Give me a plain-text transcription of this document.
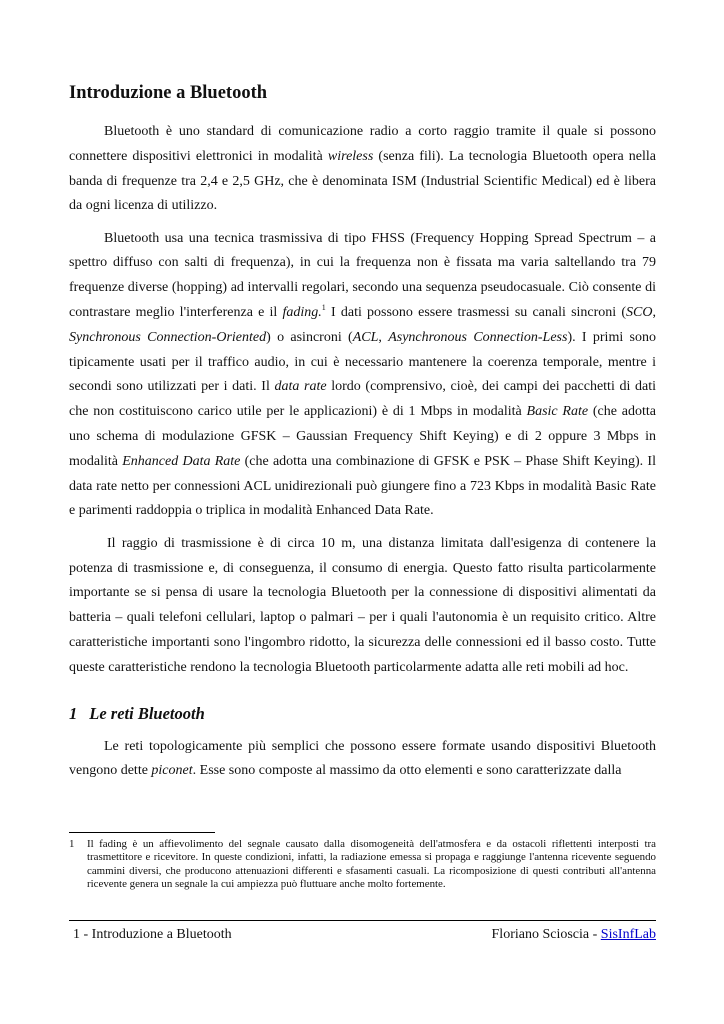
Introduzione a Bluetooth

Bluetooth è uno standard di comunicazione radio a corto raggio tramite il quale si possono connettere dispositivi elettronici in modalità wireless (senza fili). La tecnologia Bluetooth opera nella banda di frequenze tra 2,4 e 2,5 GHz, che è denominata ISM (Industrial Scientific Medical) ed è libera da ogni licenza di utilizzo.

Bluetooth usa una tecnica trasmissiva di tipo FHSS (Frequency Hopping Spread Spectrum – a spettro diffuso con salti di frequenza), in cui la frequenza non è fissata ma varia saltellando tra 79 frequenze diverse (hopping) ad intervalli regolari, secondo una sequenza pseudocasuale. Ciò consente di contrastare meglio l'interferenza e il fading.$^1$ I dati possono essere trasmessi su canali sincroni (SCO, Synchronous Connection-Oriented) o asincroni (ACL, Asynchronous Connection-Less). I primi sono tipicamente usati per il traffico audio, in cui è necessario mantenere la coerenza temporale, mentre i secondi sono utilizzati per i dati. Il data rate lordo (comprensivo, cioè, dei campi dei pacchetti di dati che non costituiscono carico utile per le applicazioni) è di 1 Mbps in modalità Basic Rate (che adotta uno schema di modulazione GFSK – Gaussian Frequency Shift Keying) e di 2 oppure 3 Mbps in modalità Enhanced Data Rate (che adotta una combinazione di GFSK e PSK – Phase Shift Keying). Il data rate netto per connessioni ACL unidirezionali può giungere fino a 723 Kbps in modalità Basic Rate e parimenti raddoppia o triplica in modalità Enhanced Data Rate.

Il raggio di trasmissione è di circa 10 m, una distanza limitata dall'esigenza di contenere la potenza di trasmissione e, di conseguenza, il consumo di energia. Questo fatto risulta particolarmente importante se si pensa di usare la tecnologia Bluetooth per la connessione di dispositivi alimentati da batteria – quali telefoni cellulari, laptop o palmari – per i quali l'autonomia è un requisito critico. Altre caratteristiche importanti sono l'ingombro ridotto, la sicurezza delle connessioni ed il basso costo. Tutte queste caratteristiche rendono la tecnologia Bluetooth particolarmente adatta alle reti mobili ad hoc.

1 Le reti Bluetooth

Le reti topologicamente più semplici che possono essere formate usando dispositivi Bluetooth vengono dette piconet. Esse sono composte al massimo da otto elementi e sono caratterizzate dalla

1 Il fading è un affievolimento del segnale causato dalla disomogeneità dell'atmosfera e da ostacoli riflettenti interposti tra trasmettitore e ricevitore. In queste condizioni, infatti, la radiazione emessa si propaga e raggiunge l'antenna ricevente seguendo cammini diversi, che producono attenuazioni differenti e sfasamenti casuali. La ricomposizione di questi contributi all'antenna ricevente genera un segnale la cui ampiezza può fluttuare anche molto fortemente.
1 - Introduzione a Bluetooth	Floriano Scioscia - SisInfLab
